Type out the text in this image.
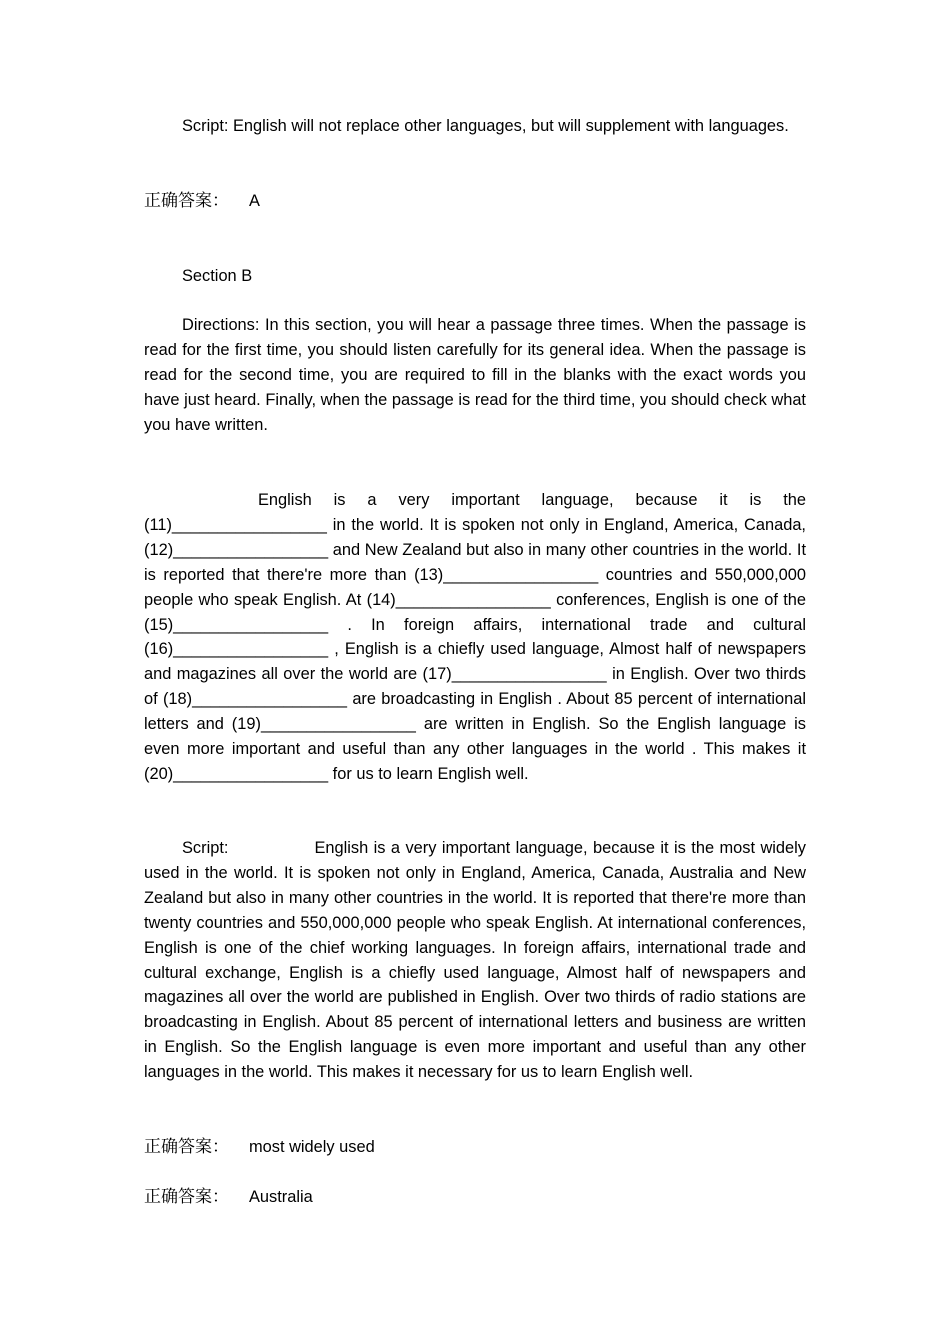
Script: English will not replace other languages, but will supplement with languages.
正确答案： A
Section B
Directions: In this section, you will hear a passage three times. When the passage is read for the first time, you should listen carefully for its general idea. When the passage is read for the second time, you are required to fill in the blanks with the exact words you have just heard. Finally, when the passage is read for the third time, you should check what you have written.
English is a very important language, because it is the (11)_________________ in the world. It is spoken not only in England, America, Canada, (12)_________________ and New Zealand but also in many other countries in the world. It is reported that there're more than (13)_________________ countries and 550,000,000 people who speak English. At (14)_________________ conferences, English is one of the (15)_________________ . In foreign affairs, international trade and cultural (16)_________________ , English is a chiefly used language, Almost half of newspapers and magazines all over the world are (17)_________________ in English. Over two thirds of (18)_________________ are broadcasting in English . About 85 percent of international letters and (19)_________________ are written in English. So the English language is even more important and useful than any other languages in the world . This makes it (20)_________________ for us to learn English well.
Script:	English is a very important language, because it is the most widely used in the world. It is spoken not only in England, America, Canada, Australia and New Zealand but also in many other countries in the world. It is reported that there're more than twenty countries and 550,000,000 people who speak English. At international conferences, English is one of the chief working languages. In foreign affairs, international trade and cultural exchange, English is a chiefly used language, Almost half of newspapers and magazines all over the world are published in English. Over two thirds of radio stations are broadcasting in English. About 85 percent of international letters and business are written in English. So the English language is even more important and useful than any other languages in the world. This makes it necessary for us to learn English well.
正确答案： most widely used
正确答案： Australia
